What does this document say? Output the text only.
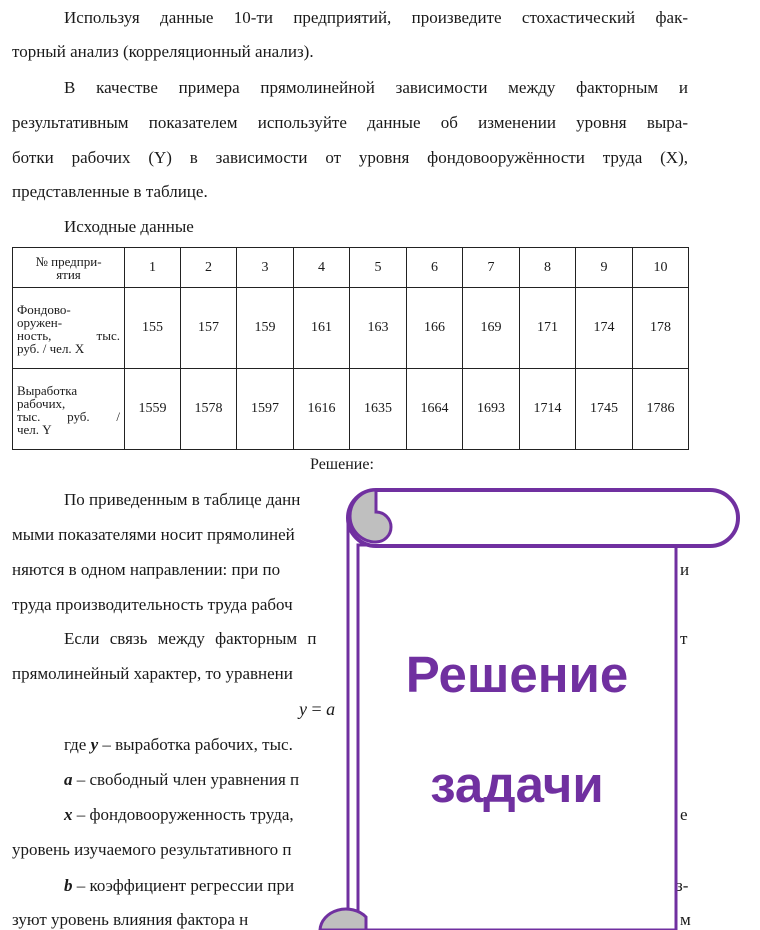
Используя данные 10-ти предприятий, произведите стохастический фак-
торный анализ (корреляционный анализ).
В качестве примера прямолинейной зависимости между факторным и
результативным показателем используйте данные об изменении уровня выра-
ботки рабочих (Y) в зависимости от уровня фондовооружённости труда (X),
представленные в таблице.
Исходные данные
№ предпри-
ятия	1	2	3	4	5	6	7	8	9	10

Фондово-
оружен-
ность, тыс.
руб. / чел. X	155	157	159	161	163	166	169	171	174	178

Выработка
рабочих,
тыс. руб. /
чел. Y	1559	1578	1597	1616	1635	1664	1693	1714	1745	1786
Решение:
По приведенным в таблице данн
мыми показателями носит прямолиней
няются в одном направлении: при по	и
труда производительность труда рабоч
Если связь между факторным п	т
прямолинейный характер, то уравнени
y = a
где y – выработка рабочих, тыс.
a – свободный член уравнения п
x – фондовооруженность труда,	е
уровень изучаемого результативного п
b – коэффициент регрессии при	з-
зуют уровень влияния фактора н	м
Решение
задачи
